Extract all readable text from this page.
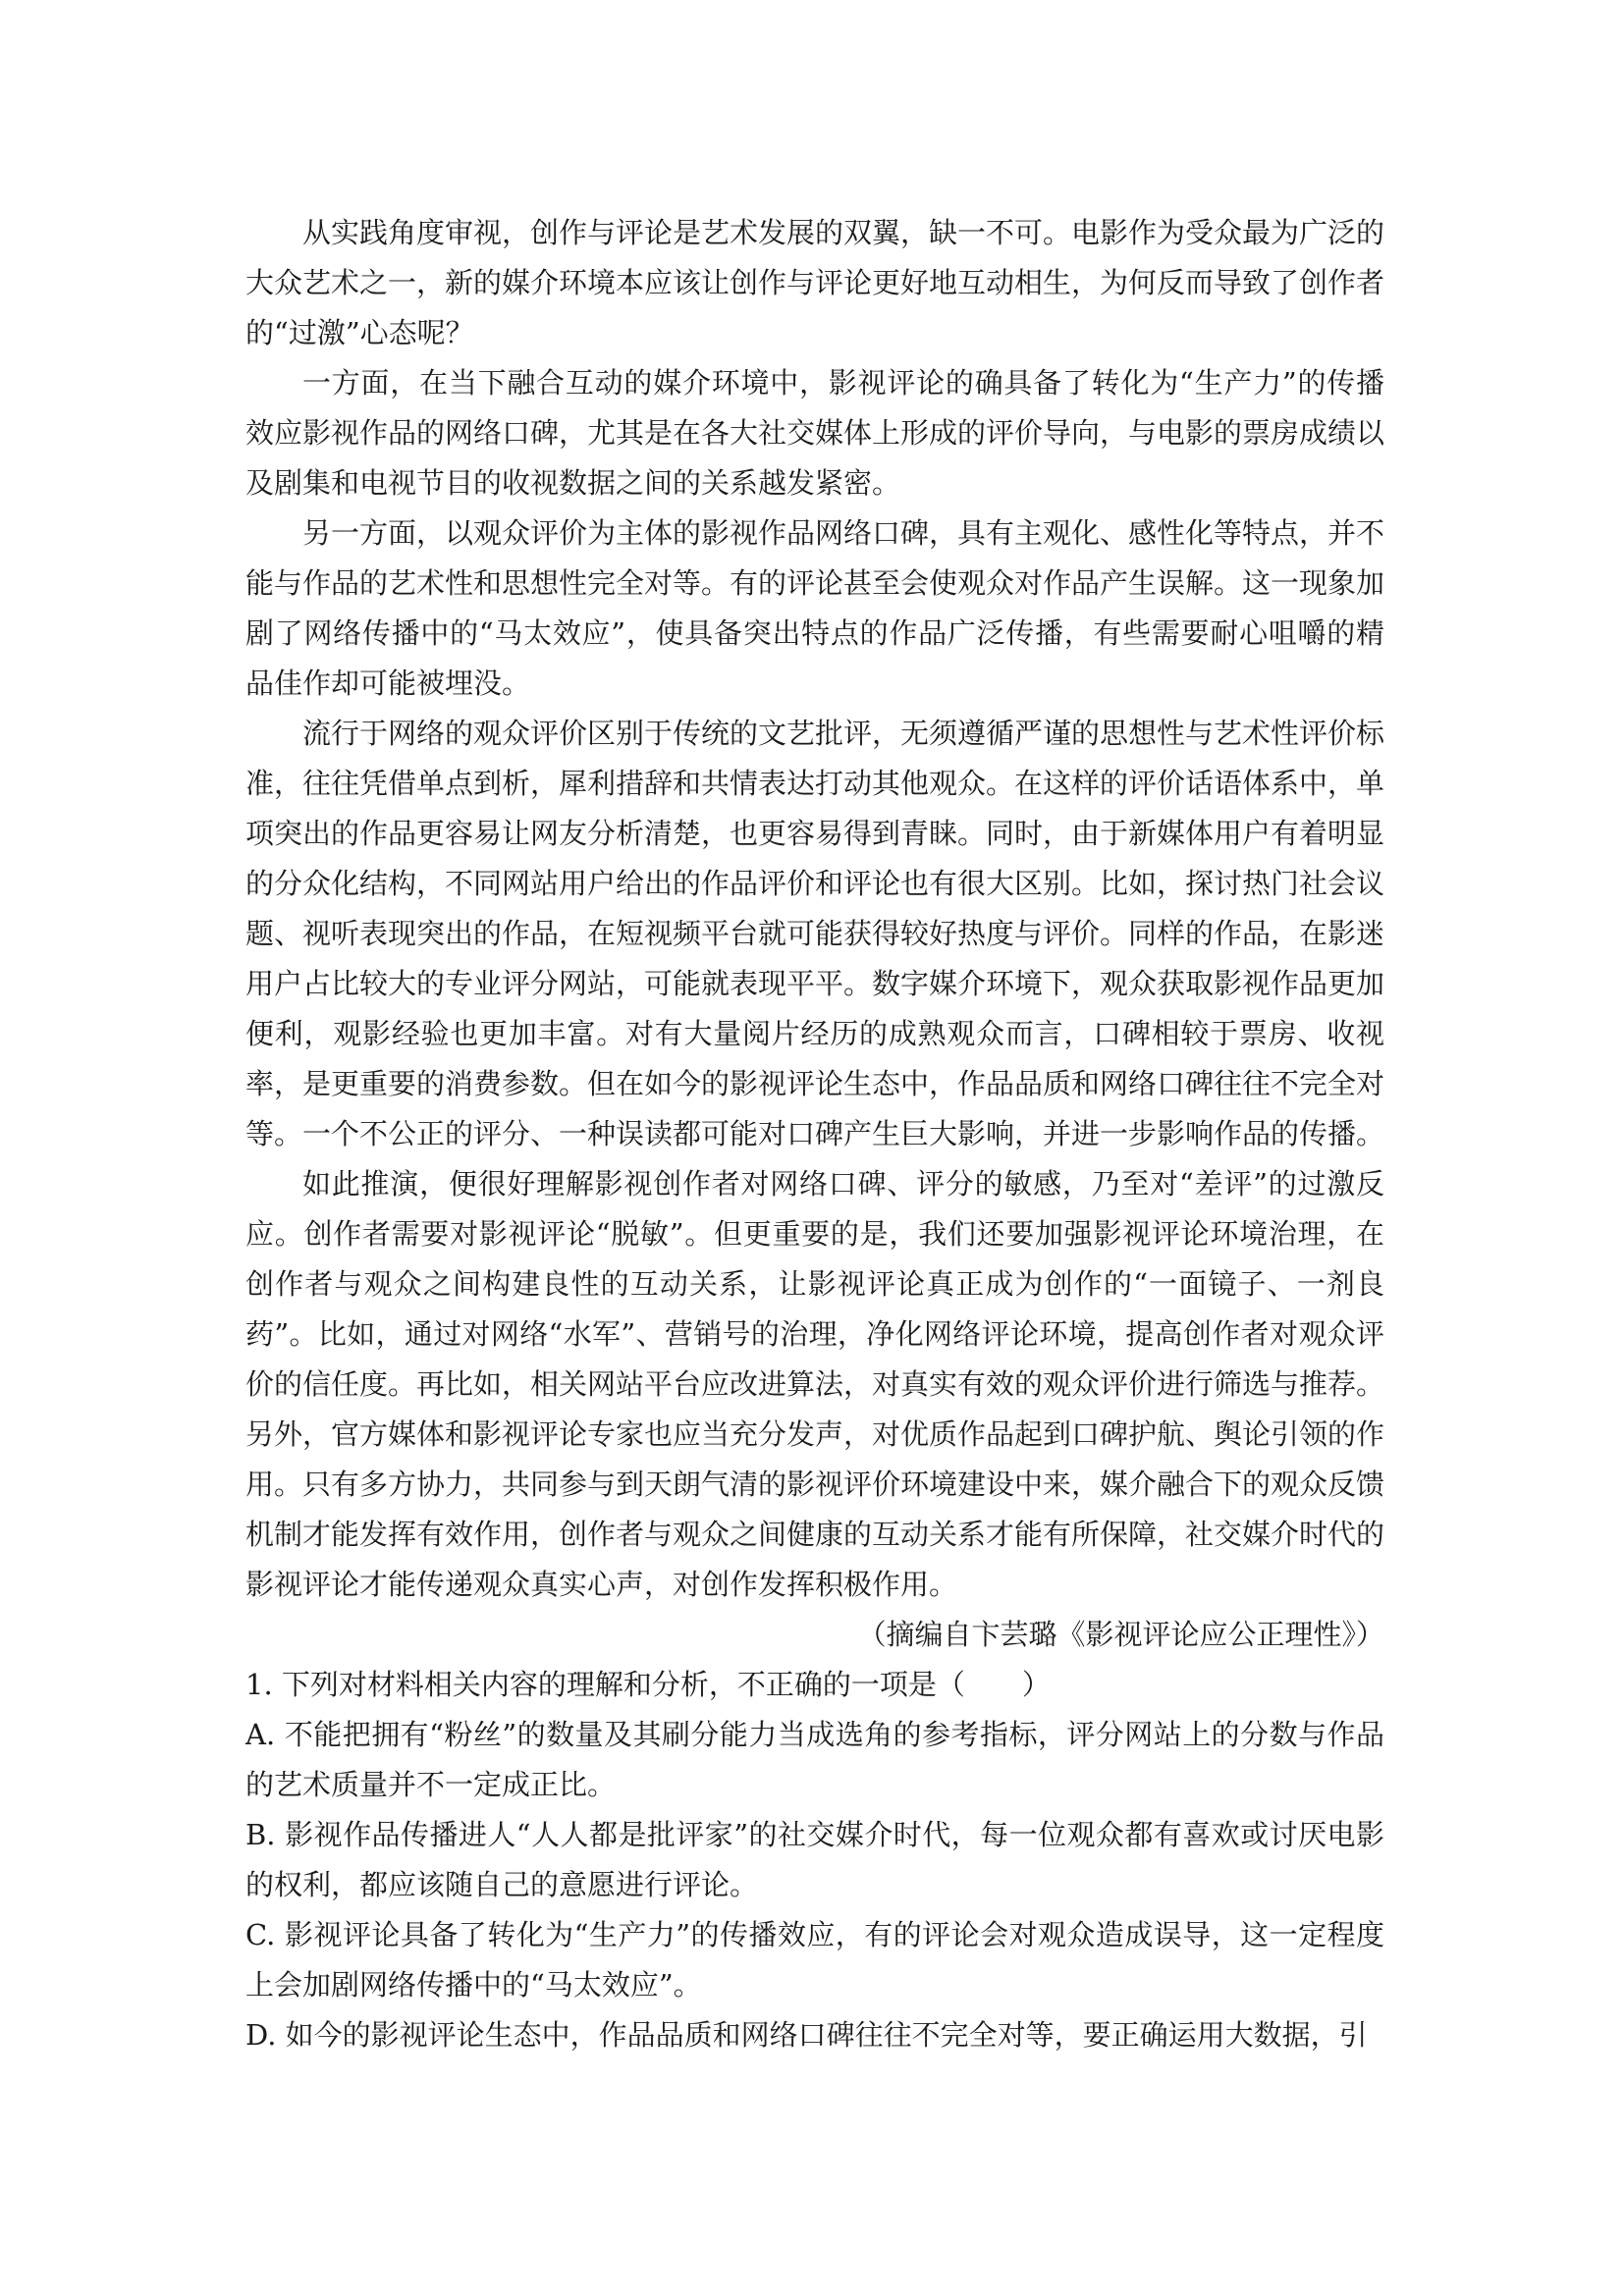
从实践角度审视，创作与评论是艺术发展的双翼，缺一不可。电影作为受众最为广泛的大众艺术之一，新的媒介环境本应该让创作与评论更好地互动相生，为何反而导致了创作者的“过激”心态呢？

一方面，在当下融合互动的媒介环境中，影视评论的确具备了转化为“生产力”的传播效应影视作品的网络口碑，尤其是在各大社交媒体上形成的评价导向，与电影的票房成绩以及剧集和电视节目的收视数据之间的关系越发紧密。

另一方面，以观众评价为主体的影视作品网络口碑，具有主观化、感性化等特点，并不能与作品的艺术性和思想性完全对等。有的评论甚至会使观众对作品产生误解。这一现象加剧了网络传播中的“马太效应”，使具备突出特点的作品广泛传播，有些需要耐心咀嚼的精品佳作却可能被埋没。

流行于网络的观众评价区别于传统的文艺批评，无须遵循严谨的思想性与艺术性评价标准，往往凭借单点到析，犀利措辞和共情表达打动其他观众。在这样的评价话语体系中，单项突出的作品更容易让网友分析清楚，也更容易得到青睐。同时，由于新媒体用户有着明显的分众化结构，不同网站用户给出的作品评价和评论也有很大区别。比如，探讨热门社会议题、视听表现突出的作品，在短视频平台就可能获得较好热度与评价。同样的作品，在影迷用户占比较大的专业评分网站，可能就表现平平。数字媒介环境下，观众获取影视作品更加便利，观影经验也更加丰富。对有大量阅片经历的成熟观众而言，口碑相较于票房、收视率，是更重要的消费参数。但在如今的影视评论生态中，作品品质和网络口碑往往不完全对等。一个不公正的评分、一种误读都可能对口碑产生巨大影响，并进一步影响作品的传播。

如此推演，便很好理解影视创作者对网络口碑、评分的敏感，乃至对“差评”的过激反应。创作者需要对影视评论“脱敏”。但更重要的是，我们还要加强影视评论环境治理，在创作者与观众之间构建良性的互动关系，让影视评论真正成为创作的“一面镜子、一剂良药”。比如，通过对网络“水军”、营销号的治理，净化网络评论环境，提高创作者对观众评价的信任度。再比如，相关网站平台应改进算法，对真实有效的观众评价进行筛选与推荐。另外，官方媒体和影视评论专家也应当充分发声，对优质作品起到口碑护航、舆论引领的作用。只有多方协力，共同参与到天朗气清的影视评价环境建设中来，媒介融合下的观众反馈机制才能发挥有效作用，创作者与观众之间健康的互动关系才能有所保障，社交媒介时代的影视评论才能传递观众真实心声，对创作发挥积极作用。

（摘编自卞芸璐《影视评论应公正理性》）

1. 下列对材料相关内容的理解和分析，不正确的一项是（　　）

A. 不能把拥有“粉丝”的数量及其刷分能力当成选角的参考指标，评分网站上的分数与作品的艺术质量并不一定成正比。

B. 影视作品传播进人“人人都是批评家”的社交媒介时代，每一位观众都有喜欢或讨厌电影的权利，都应该随自己的意愿进行评论。

C. 影视评论具备了转化为“生产力”的传播效应，有的评论会对观众造成误导，这一定程度上会加剧网络传播中的“马太效应”。

D. 如今的影视评论生态中，作品品质和网络口碑往往不完全对等，要正确运用大数据，引
